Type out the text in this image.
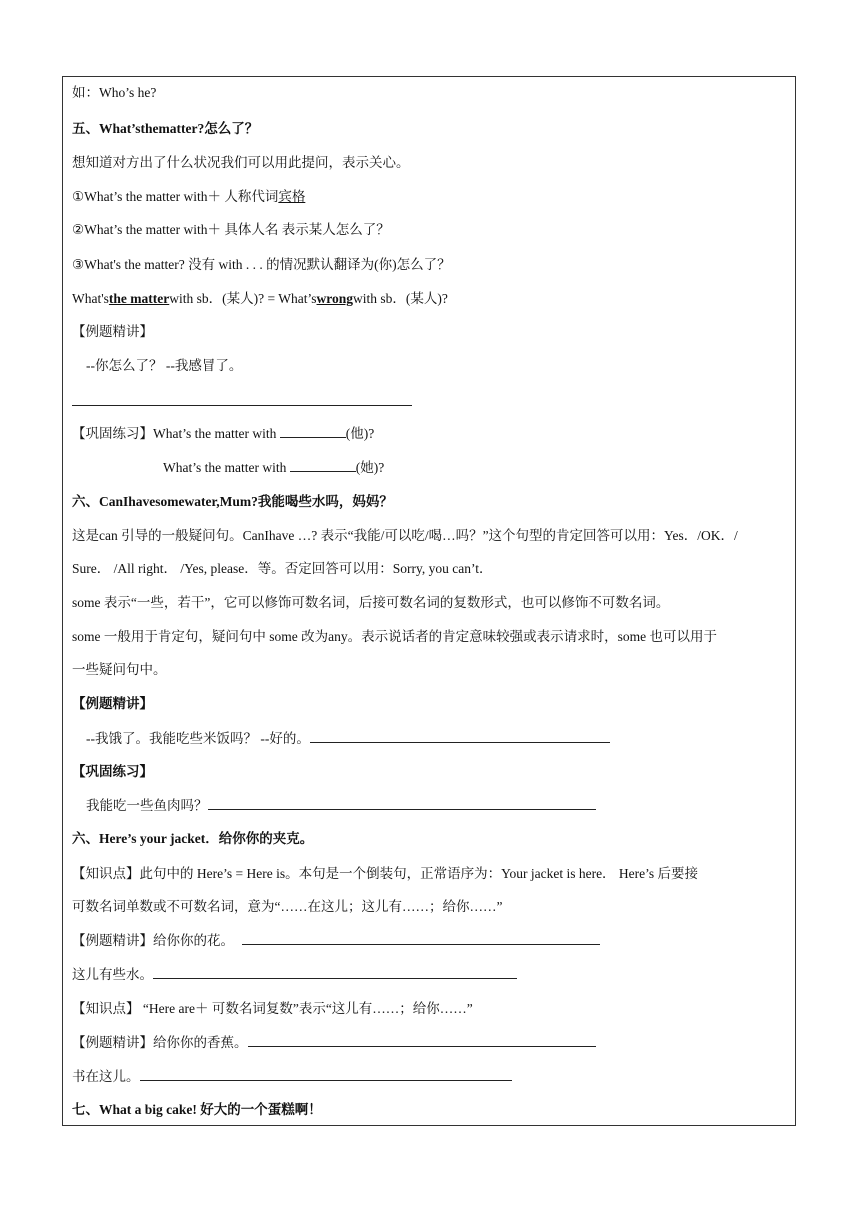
如：Who’s he?
五、What’sthematter?怎么了？
想知道对方出了什么状况我们可以用此提问，表示关心。
①What’s the matter with＋ 人称代词宾格
②What’s the matter with＋ 具体人名 表示某人怎么了？
③What's the matter? 没有 with . . . 的情况默认翻译为(你)怎么了？
What'sthe matterwith sb．(某人)? = What’swrongwith sb．(某人)?
【例题精讲】
--你怎么了？ --我感冒了。
【巩固练习】What’s the matter with	(他)?
What’s the matter with	(她)?
六、CanIhavesomewater,Mum?我能喝些水吗，妈妈？
这是can 引导的一般疑问句。CanIhave …? 表示“我能/可以吃/喝…吗？”这个句型的肯定回答可以用：Yes．/OK．/
Sure． /All right． /Yes, please．等。否定回答可以用：Sorry, you can’t．
some 表示“一些，若干”，它可以修饰可数名词，后接可数名词的复数形式，也可以修饰不可数名词。
some 一般用于肯定句，疑问句中 some 改为any。表示说话者的肯定意味较强或表示请求时，some 也可以用于
一些疑问句中。
【例题精讲】
--我饿了。我能吃些米饭吗？ --好的。
【巩固练习】
我能吃一些鱼肉吗？
六、Here’s your jacket．给你你的夹克。
【知识点】此句中的 Here’s = Here is。本句是一个倒装句，正常语序为：Your jacket is here． Here’s 后要接
可数名词单数或不可数名词，意为“……在这儿；这儿有……；给你……”
【例题精讲】给你你的花。
这儿有些水。
【知识点】 “Here are＋ 可数名词复数”表示“这儿有……；给你……”
【例题精讲】给你你的香蕉。
书在这儿。
七、What a big cake! 好大的一个蛋糕啊！
